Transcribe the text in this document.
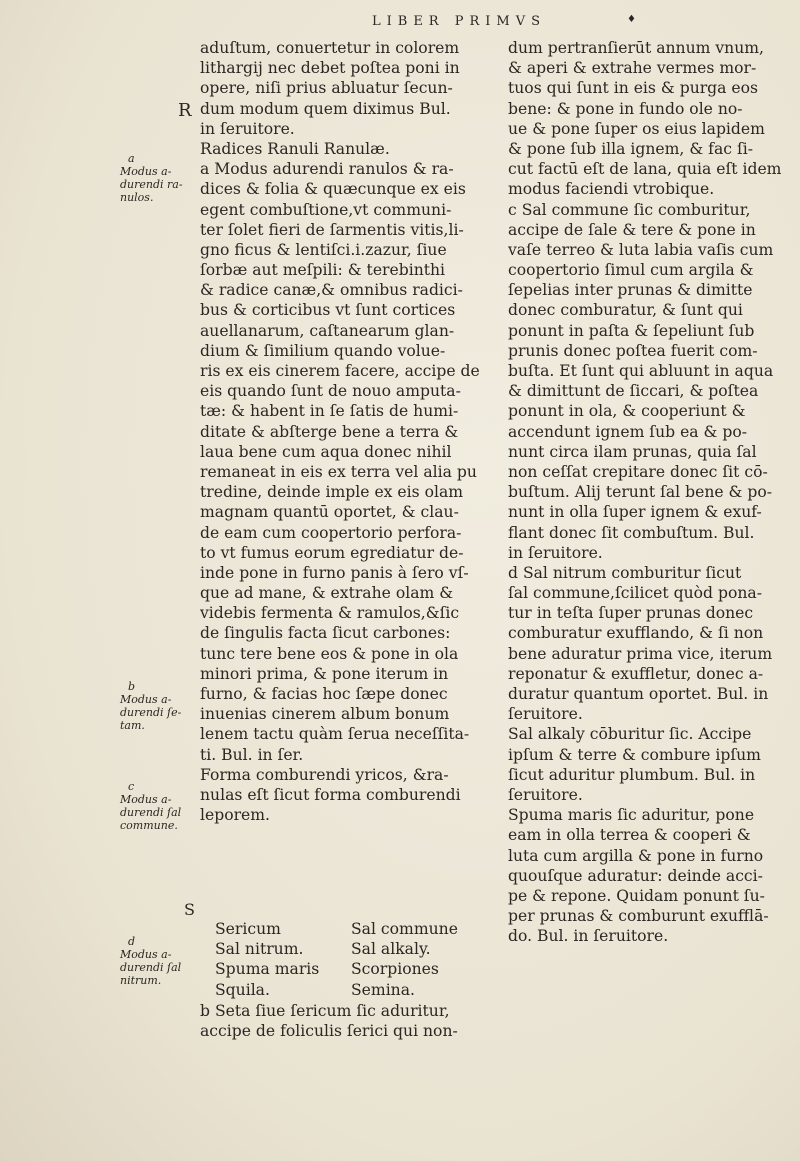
LIBER PRIMVS	♦
a
Modus a-
durendi ra-
nulos.
b
Modus a-
durendi ſe-
tam.
c
Modus a-
durendi ſal
commune.
d
Modus a-
durendi ſal
nitrum.
R
S
aduſtum, conuertetur in colorem
lithargij nec debet poſtea poni in
opere, niſi prius abluatur ſecun-
dum modum quem diximus Bul.
in ſeruitore.
Radices Ranuli Ranulæ.
a Modus adurendi ranulos & ra-
dices & folia & quæcunque ex eis
egent combuſtione,vt communi-
ter ſolet fieri de ſarmentis vitis,li-
gno ficus & lentiſci.i.zazur, ſiue
ſorbæ aut meſpili: & terebinthi
& radice canæ,& omnibus radici-
bus & corticibus vt ſunt cortices
auellanarum, caſtanearum glan-
dium & ſimilium quando volue-
ris ex eis cinerem facere, accipe de
eis quando ſunt de nouo amputa-
tæ: & habent in ſe ſatis de humi-
ditate & abſterge bene a terra &
laua bene cum aqua donec nihil
remaneat in eis ex terra vel alia pu
tredine, deinde imple ex eis olam
magnam quantū oportet, & clau-
de eam cum coopertorio perfora-
to vt fumus eorum egrediatur de-
inde pone in furno panis à ſero vſ-
que ad mane, & extrahe olam &
videbis fermenta & ramulos,&ſic
de ſingulis facta ſicut carbones:
tunc tere bene eos & pone in ola
minori prima, & pone iterum in
furno, & facias hoc ſæpe donec
inuenias cinerem album bonum
lenem tactu quàm ſerua neceſſita-
ti. Bul. in ſer.
Forma comburendi yricos, &ra-
nulas eſt ſicut forma comburendi
leporem.
Sericum	Sal commune
Sal nitrum.	Sal alkaly.
Spuma maris	Scorpiones
Squila.	Semina.
b Seta ſiue ſericum ſic aduritur,
accipe de foliculis ſerici qui non-
dum pertranſierūt annum vnum,
& aperi & extrahe vermes mor-
tuos qui ſunt in eis & purga eos
bene: & pone in fundo ole no-
ue & pone ſuper os eius lapidem
& pone ſub illa ignem, & fac ſi-
cut factū eſt de lana, quia eſt idem
modus faciendi vtrobique.
c Sal commune ſic comburitur,
accipe de ſale & tere & pone in
vaſe terreo & luta labia vaſis cum
coopertorio ſimul cum argila &
ſepelias inter prunas & dimitte
donec comburatur, & ſunt qui
ponunt in paſta & ſepeliunt ſub
prunis donec poſtea fuerit com-
buſta. Et ſunt qui abluunt in aqua
& dimittunt de ſiccari, & poſtea
ponunt in ola, & cooperiunt &
accendunt ignem ſub ea & po-
nunt circa ilam prunas, quia ſal
non ceſſat crepitare donec ſit cō-
buſtum. Alij terunt ſal bene & po-
nunt in olla ſuper ignem & exuf-
flant donec ſit combuſtum. Bul.
in ſeruitore.
d Sal nitrum comburitur ſicut
ſal commune,ſcilicet quòd pona-
tur in teſta ſuper prunas donec
comburatur exufflando, & ſi non
bene aduratur prima vice, iterum
reponatur & exuffletur, donec a-
duratur quantum oportet. Bul. in
ſeruitore.
Sal alkaly cōburitur ſic. Accipe
ipſum & terre & combure ipſum
ſicut aduritur plumbum. Bul. in
ſeruitore.
Spuma maris ſic aduritur, pone
eam in olla terrea & cooperi &
luta cum argilla & pone in furno
quouſque aduratur: deinde acci-
pe & repone. Quidam ponunt ſu-
per prunas & comburunt exufflā-
do. Bul. in ſeruitore.
